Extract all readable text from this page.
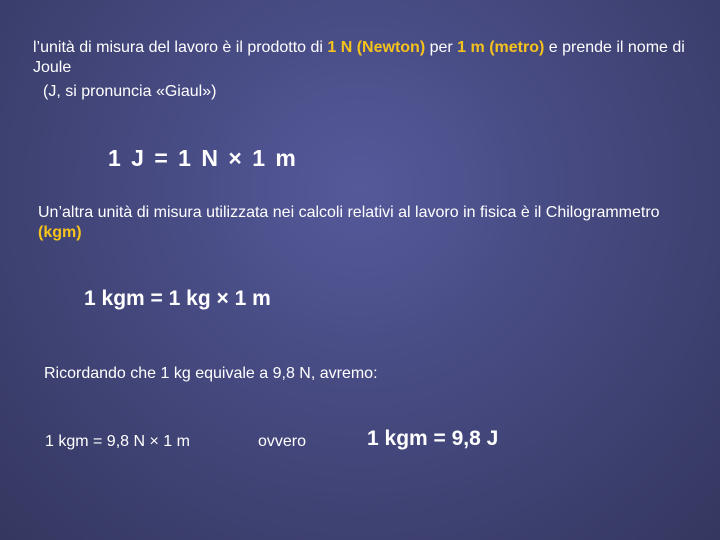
l’unità di misura del lavoro è il prodotto di 1 N (Newton) per 1 m (metro) e prende il nome di Joule

(J, si pronuncia «Giaul»)

1 J = 1 N × 1 m

Un’altra unità di misura utilizzata nei calcoli relativi al lavoro in fisica è il Chilogrammetro (kgm)

1 kgm = 1 kg × 1 m

Ricordando che 1 kg equivale a 9,8 N, avremo:

1 kgm = 9,8 N × 1 m	ovvero	1 kgm = 9,8 J
